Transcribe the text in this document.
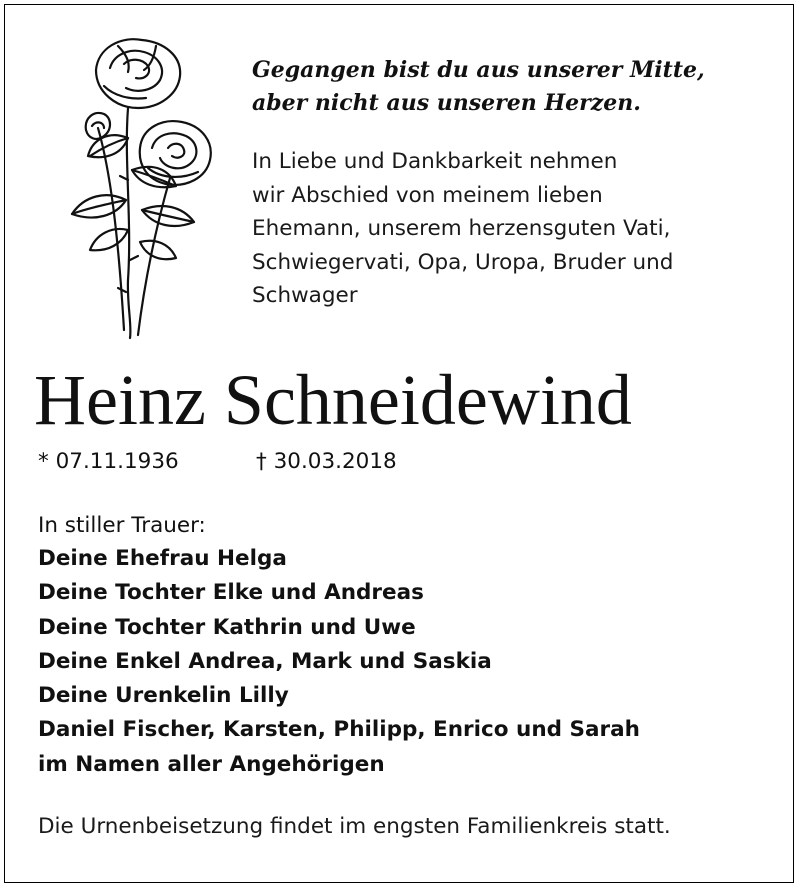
Gegangen bist du aus unserer Mitte,
aber nicht aus unseren Herzen.

In Liebe und Dankbarkeit nehmen
wir Abschied von meinem lieben
Ehemann, unserem herzensguten Vati,
Schwiegervati, Opa, Uropa, Bruder und
Schwager

Heinz Schneidewind
* 07.11.1936	† 30.03.2018
In stiller Trauer:
Deine Ehefrau Helga
Deine Tochter Elke und Andreas
Deine Tochter Kathrin und Uwe
Deine Enkel Andrea, Mark und Saskia
Deine Urenkelin Lilly
Daniel Fischer, Karsten, Philipp, Enrico und Sarah
im Namen aller Angehörigen
Die Urnenbeisetzung findet im engsten Familienkreis statt.
